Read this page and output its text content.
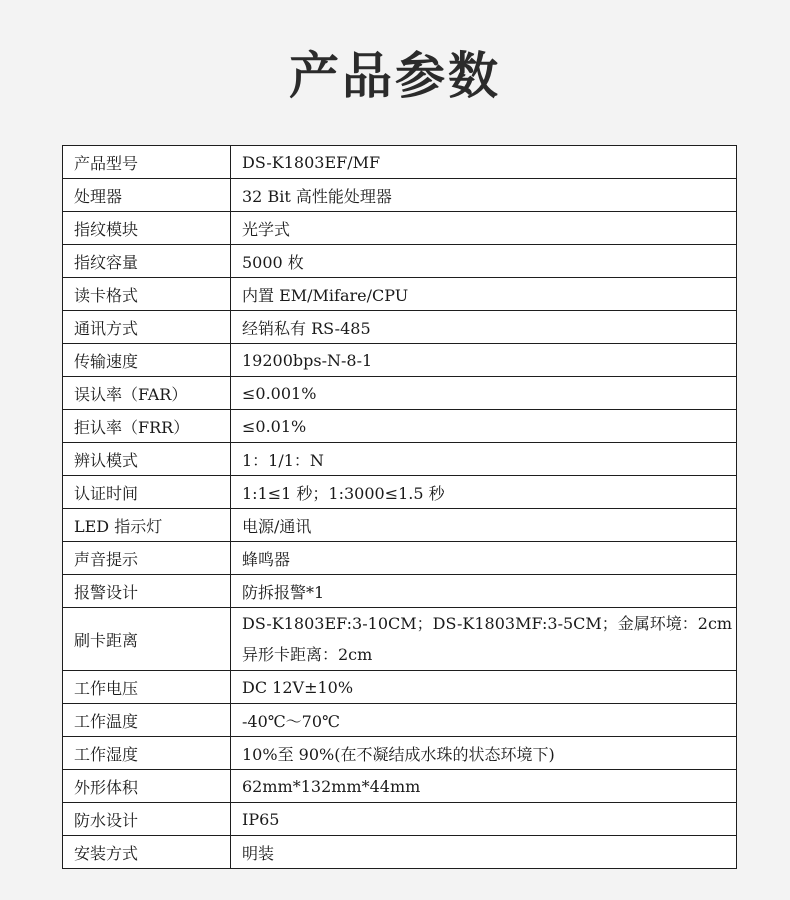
产品参数
产品型号	DS-K1803EF/MF
处理器	32 Bit 高性能处理器
指纹模块	光学式
指纹容量	5000 枚
读卡格式	内置 EM/Mifare/CPU
通讯方式	经销私有 RS-485
传输速度	19200bps-N-8-1
误认率（FAR）	≤0.001%
拒认率（FRR）	≤0.01%
辨认模式	1：1/1：N
认证时间	1:1≤1 秒；1:3000≤1.5 秒
LED 指示灯	电源/通讯
声音提示	蜂鸣器
报警设计	防拆报警*1
刷卡距离	DS-K1803EF:3-10CM；DS-K1803MF:3-5CM；金属环境：2cm
异形卡距离：2cm

工作电压	DC 12V±10%
工作温度	-40℃～70℃
工作湿度	10%至 90%(在不凝结成水珠的状态环境下)
外形体积	62mm*132mm*44mm
防水设计	IP65
安装方式	明装
